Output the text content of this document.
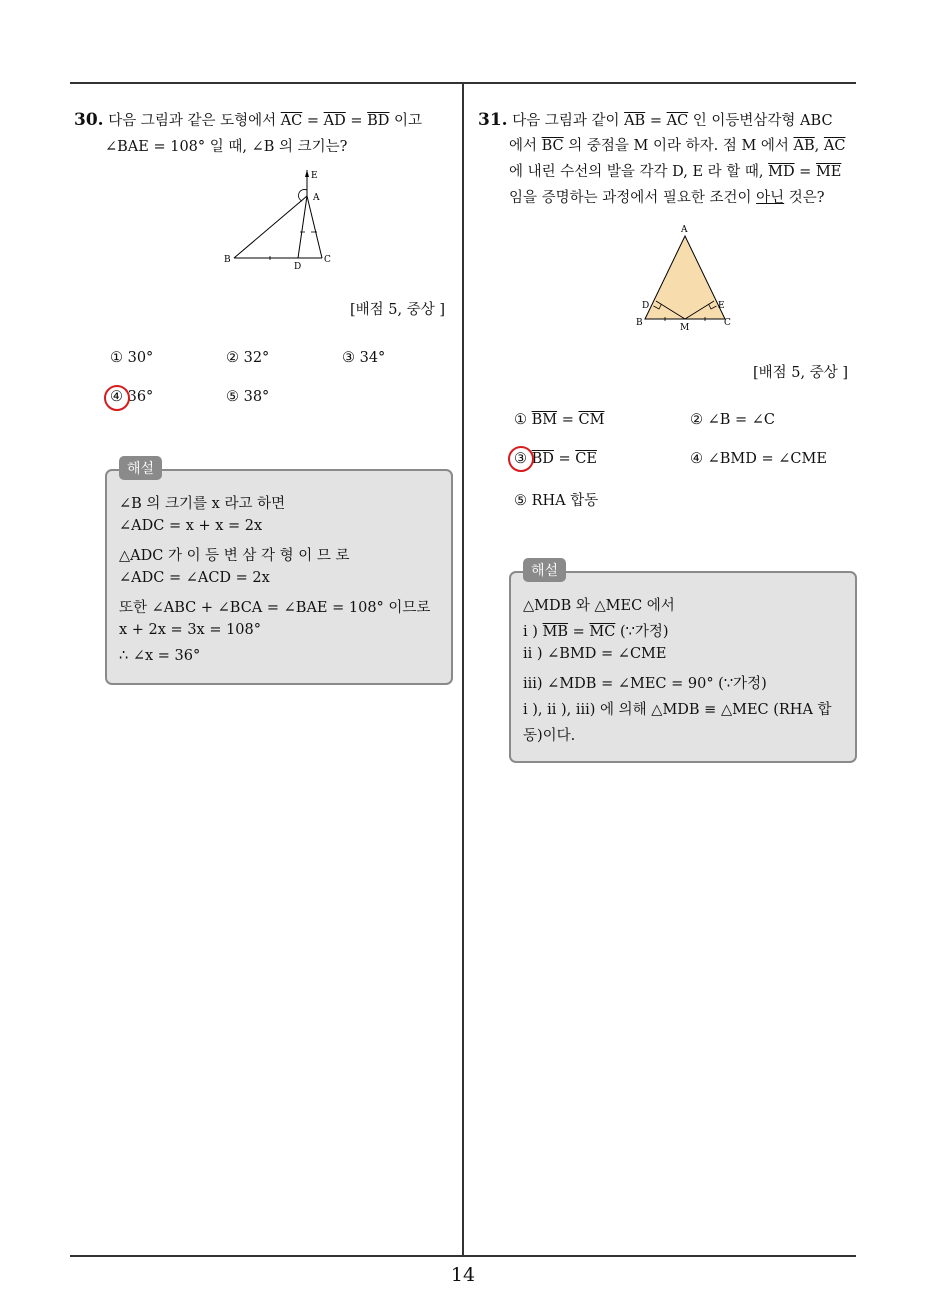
30. 다음 그림과 같은 도형에서 $\overline{AC} = \overline{AD} = \overline{BD}$ 이고
∠BAE = 108° 일 때, ∠B 의 크기는?
E
A
B
D
C
[배점 5, 중상 ]
① 30°	② 32°	③ 34°
④ 36°	⑤ 38°
∠B 의 크기를 x 라고 하면
∠ADC = x + x = 2x
△ADC 가 이 등 변 삼 각 형 이 므 로
∠ADC = ∠ACD = 2x
또한 ∠ABC + ∠BCA = ∠BAE = 108° 이므로
x + 2x = 3x = 108°
∴ ∠x = 36°
해설
31. 다음 그림과 같이 $\overline{AB} = \overline{AC}$ 인 이등변삼각형 ABC
에서 $\overline{BC}$ 의 중점을 M 이라 하자. 점 M 에서 $\overline{AB}$, $\overline{AC}$
에 내린 수선의 발을 각각 D, E 라 할 때, $\overline{MD} = \overline{ME}$
임을 증명하는 과정에서 필요한 조건이 아닌 것은?
A
B	C
D	E
M
[배점 5, 중상 ]
① $\overline{BM} = \overline{CM}$	② ∠B = ∠C
③ $\overline{BD} = \overline{CE}$	④ ∠BMD = ∠CME
⑤ RHA 합동
△MDB 와 △MEC 에서
i ) $\overline{MB} = \overline{MC}$ (∵가정)
ii ) ∠BMD = ∠CME
iii) ∠MDB = ∠MEC = 90° (∵가정)
i ), ii ), iii) 에 의해 △MDB ≡ △MEC (RHA 합
동)이다.
해설
14
